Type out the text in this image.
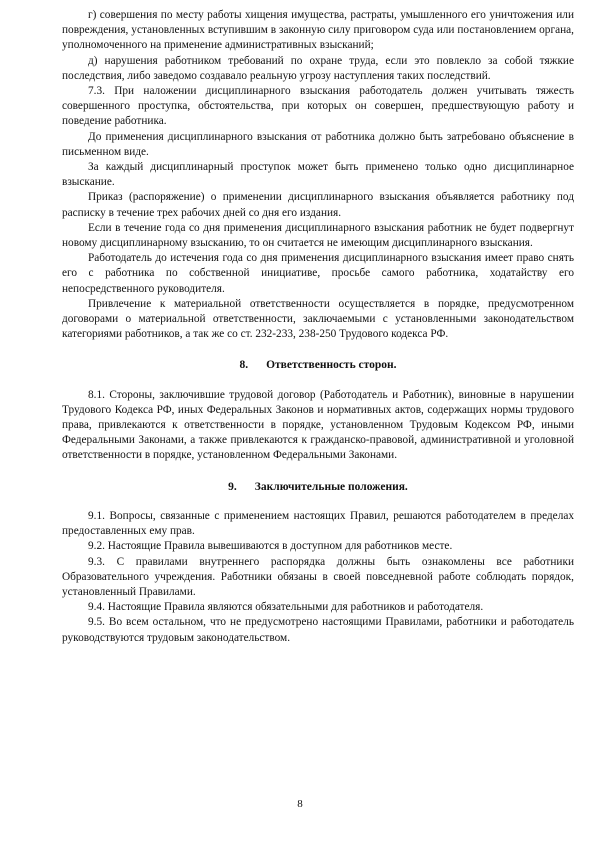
г) совершения по месту работы хищения имущества, растраты, умышленного его уничтожения или повреждения, установленных вступившим в законную силу приговором суда или постановлением органа, уполномоченного на применение административных взысканий;

д) нарушения работником требований по охране труда, если это повлекло за собой тяжкие последствия, либо заведомо создавало реальную угрозу наступления таких последствий.

7.3. При наложении дисциплинарного взыскания работодатель должен учитывать тяжесть совершенного проступка, обстоятельства, при которых он совершен, предшествующую работу и поведение работника.

До применения дисциплинарного взыскания от работника должно быть затребовано объяснение в письменном виде.

За каждый дисциплинарный проступок может быть применено только одно дисциплинарное взыскание.

Приказ (распоряжение) о применении дисциплинарного взыскания объявляется работнику под расписку в течение трех рабочих дней со дня его издания.

Если в течение года со дня применения дисциплинарного взыскания работник не будет подвергнут новому дисциплинарному взысканию, то он считается не имеющим дисциплинарного взыскания.

Работодатель до истечения года со дня применения дисциплинарного взыскания имеет право снять его с работника по собственной инициативе, просьбе самого работника, ходатайству его непосредственного руководителя.

Привлечение к материальной ответственности осуществляется в порядке, предусмотренном договорами о материальной ответственности, заключаемыми с установленными законодательством категориями работников, а так же со ст. 232-233, 238-250 Трудового кодекса РФ.

8. Ответственность сторон.

8.1. Стороны, заключившие трудовой договор (Работодатель и Работник), виновные в нарушении Трудового Кодекса РФ, иных Федеральных Законов и нормативных актов, содержащих нормы трудового права, привлекаются к ответственности в порядке, установленном Трудовым Кодексом РФ, иными Федеральными Законами, а также привлекаются к гражданско-правовой, административной и уголовной ответственности в порядке, установленном Федеральными Законами.

9. Заключительные положения.

9.1. Вопросы, связанные с применением настоящих Правил, решаются работодателем в пределах предоставленных ему прав.

9.2. Настоящие Правила вывешиваются в доступном для работников месте.

9.3. С правилами внутреннего распорядка должны быть ознакомлены все работники Образовательного учреждения. Работники обязаны в своей повседневной работе соблюдать порядок, установленный Правилами.

9.4. Настоящие Правила являются обязательными для работников и работодателя.

9.5. Во всем остальном, что не предусмотрено настоящими Правилами, работники и работодатель руководствуются трудовым законодательством.

8
